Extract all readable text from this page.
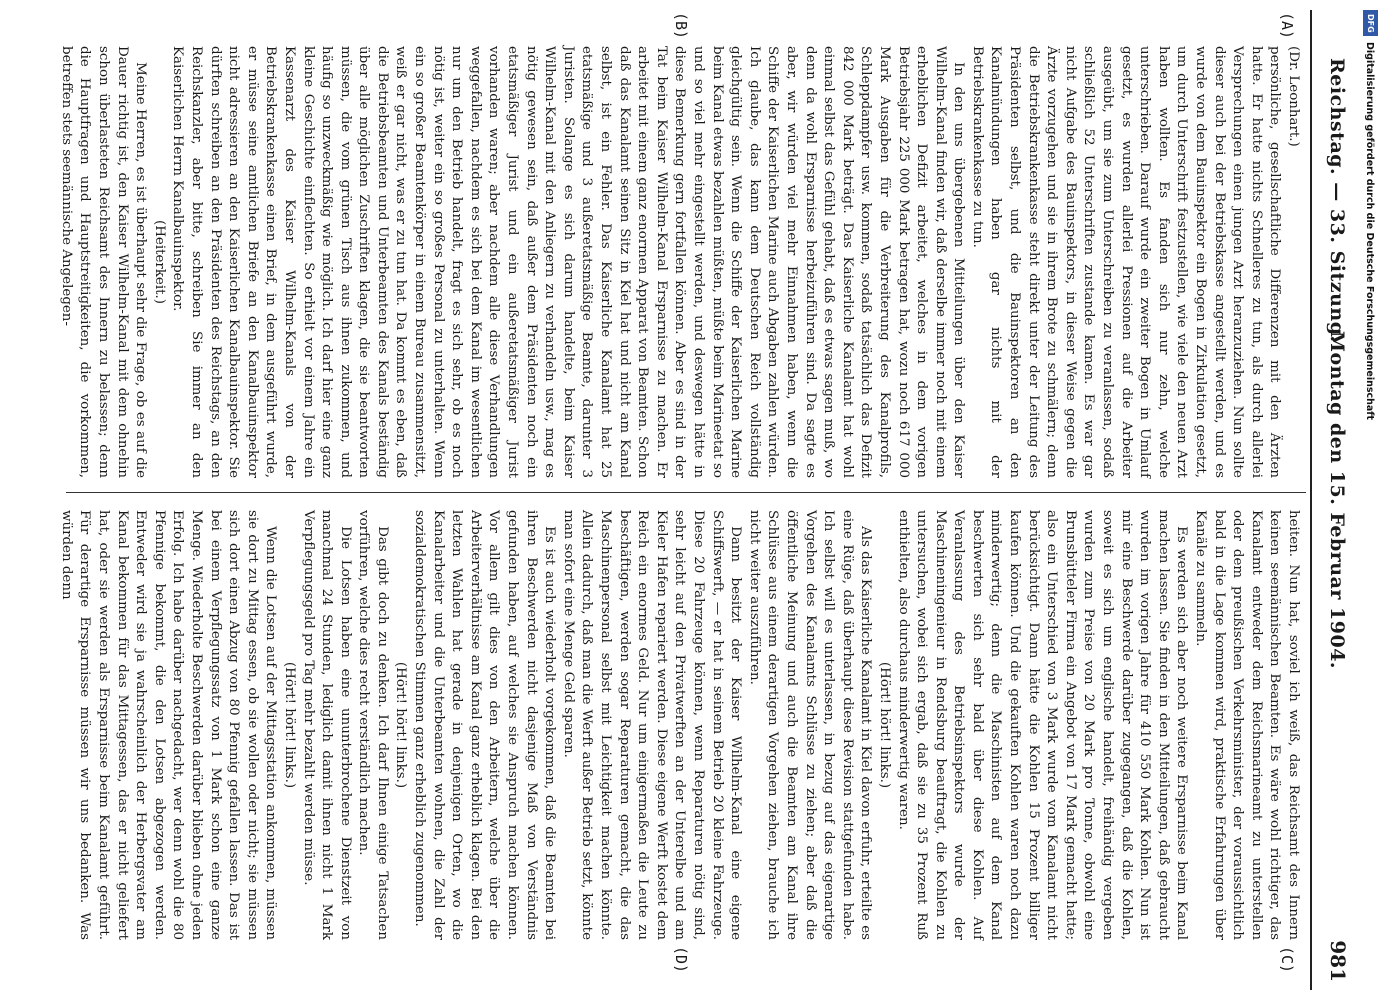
Reichstag. — 33. Sitzung.
Montag den 15. Februar 1904.
981
(A)
(B)
(C)
(D)

(Dr. Leonhart.)

persönliche, gesellschaftliche Differenzen mit den Ärzten hatte. Er hatte nichts Schnelleres zu tun, als durch allerlei Versprechungen einen jungen Arzt heranzuziehen. Nun sollte dieser auch bei der Betriebskasse angestellt werden, und es wurde von dem Bauinspektor ein Bogen in Zirkulation gesetzt, um durch Unterschrift festzustellen, wie viele den neuen Arzt haben wollten. Es fanden sich nur zehn, welche unterschrieben. Darauf wurde ein zweiter Bogen in Umlauf gesetzt, es wurden allerlei Pressionen auf die Arbeiter ausgeübt, um sie zum Unterschreiben zu veranlassen, sodaß schließlich 52 Unterschriften zustande kamen. Es war gar nicht Aufgabe des Bauinspektors, in dieser Weise gegen die Ärzte vorzugehen und sie in ihrem Brote zu schmälern; denn die Betriebskrankenkasse steht direkt unter der Leitung des Präsidenten selbst, und die Bauinspektoren an den Kanalmündungen haben gar nichts mit der Betriebskrankenkasse zu tun.

In den uns übergebenen Mitteilungen über den Kaiser Wilhelm-Kanal finden wir, daß derselbe immer noch mit einem erheblichen Defizit arbeitet, welches in dem vorigen Betriebsjahr 225 000 Mark betragen hat, wozu noch 617 000 Mark Ausgaben für die Verbreiterung des Kanalprofils, Schleppdampfer usw. kommen, sodaß tatsächlich das Defizit 842 000 Mark beträgt. Das Kaiserliche Kanalamt hat wohl einmal selbst das Gefühl gehabt, daß es etwas sagen muß, wo denn da wohl Ersparnisse herbeizuführen sind. Da sagte es aber, wir würden viel mehr Einnahmen haben, wenn die Schiffe der Kaiserlichen Marine auch Abgaben zahlen würden. Ich glaube, das kann dem Deutschen Reich vollständig gleichgültig sein. Wenn die Schiffe der Kaiserlichen Marine beim Kanal etwas bezahlen müßten, müßte beim Marineetat so und so viel mehr eingestellt werden, und deswegen hätte in diese Bemerkung gern fortfallen können. Aber es sind in der Tat beim Kaiser Wilhelm-Kanal Ersparnisse zu machen. Er arbeitet mit einem ganz enormen Apparat von Beamten. Schon daß das Kanalamt seinen Sitz in Kiel hat und nicht am Kanal selbst, ist ein Fehler. Das Kaiserliche Kanalamt hat 25 etatsmäßige und 3 außeretatsmäßige Beamte, darunter 3 Juristen. Solange es sich darum handelte, beim Kaiser Wilhelm-Kanal mit den Anliegern zu verhandeln usw., mag es nötig gewesen sein, daß außer dem Präsidenten noch ein etatsmäßiger Jurist und ein außeretatsmäßiger Jurist vorhanden waren; aber nachdem alle diese Verhandlungen weggefallen, nachdem es sich bei dem Kanal im wesentlichen nur um den Betrieb handelt, fragt es sich sehr, ob es noch nötig ist, weiter ein so großes Personal zu unterhalten. Wenn ein so großer Beamtenkörper in einem Bureau zusammensitzt, weiß er gar nicht, was er zu tun hat. Da kommt es eben, daß die Betriebsbeamten und Unterbeamten des Kanals beständig über alle möglichen Zuschriften klagen, die sie beantworten müssen, die vom grünen Tisch aus ihnen zukommen, und häufig so unzweckmäßig wie möglich. Ich darf hier eine ganz kleine Geschichte einflechten. So erhielt vor einem Jahre ein Kassenarzt des Kaiser Wilhelm-Kanals von der Betriebskrankenkasse einen Brief, in dem ausgeführt wurde, er müsse seine amtlichen Briefe an den Kanalbauinspektor nicht adressieren an den Kaiserlichen Kanalbauinspektor. Sie dürften schreiben an den Präsidenten des Reichstags, an den Reichskanzler, aber bitte, schreiben Sie immer an den Kaiserlichen Herrn Kanalbauinspektor.

(Heiterkeit.)

Meine Herren, es ist überhaupt sehr die Frage, ob es auf die Dauer richtig ist, den Kaiser Wilhelm-Kanal mit dem ohnehin schon überlasteten Reichsamt des Innern zu belassen; denn die Hauptfragen und Hauptstreitigkeiten, die vorkommen, betreffen stets seemännische Angelegen-

heiten. Nun hat, soviel ich weiß, das Reichsamt des Innern keinen seemännischen Beamten. Es wäre wohl richtiger, das Kanalamt entweder dem Reichsmarineamt zu unterstellen oder dem preußischen Verkehrsminister, der voraussichtlich bald in die Lage kommen wird, praktische Erfahrungen über Kanäle zu sammeln.

Es werden sich aber noch weitere Ersparnisse beim Kanal machen lassen. Sie finden in den Mitteilungen, daß gebraucht wurden im vorigen Jahre für 410 550 Mark Kohlen. Nun ist mir eine Beschwerde darüber zugegangen, daß die Kohlen, soweit es sich um englische handelt, freihändig vergeben wurden zum Preise von 20 Mark pro Tonne, obwohl eine Brunsbütteler Firma ein Angebot von 17 Mark gemacht hatte; also ein Unterschied von 3 Mark wurde vom Kanalamt nicht berücksichtigt. Dann hätte die Kohlen 15 Prozent billiger kaufen können. Und die gekauften Kohlen waren noch dazu minderwertig; denn die Maschinisten auf dem Kanal beschwerten sich sehr bald über diese Kohlen. Auf Veranlassung des Betriebsinspektors wurde der Maschineningenieur in Rendsburg beauftragt, die Kohlen zu untersuchen, wobei sich ergab, daß sie zu 35 Prozent Ruß enthielten, also durchaus minderwertig waren.

(Hört! hört! links.)

Als das Kaiserliche Kanalamt in Kiel davon erfuhr, erteilte es eine Rüge, daß überhaupt diese Revision stattgefunden habe. Ich selbst will es unterlassen, in bezug auf das eigenartige Vorgehen des Kanalamts Schlüsse zu ziehen; aber daß die öffentliche Meinung und auch die Beamten am Kanal ihre Schlüsse aus einem derartigen Vorgehen ziehen, brauche ich nicht weiter auszuführen.

Dann besitzt der Kaiser Wilhelm-Kanal eine eigene Schiffswerft, — er hat in seinem Betrieb 20 kleine Fahrzeuge. Diese 20 Fahrzeuge können, wenn Reparaturen nötig sind, sehr leicht auf den Privatwerften an der Unterelbe und am Kieler Hafen repariert werden. Diese eigene Werft kostet dem Reich ein enormes Geld. Nur um einigermaßen die Leute zu beschäftigen, werden sogar Reparaturen gemacht, die das Maschinenpersonal selbst mit Leichtigkeit machen könnte. Allein dadurch, daß man die Werft außer Betrieb setzt, könnte man sofort eine Menge Geld sparen.

Es ist auch wiederholt vorgekommen, daß die Beamten bei ihren Beschwerden nicht dasjenige Maß von Verständnis gefunden haben, auf welches sie Anspruch machen können. Vor allem gilt dies von den Arbeitern, welche über die Arbeiterverhältnisse am Kanal ganz erheblich klagen. Bei den letzten Wahlen hat gerade in denjenigen Orten, wo die Kanalarbeiter und die Unterbeamten wohnen, die Zahl der sozialdemokratischen Stimmen ganz erheblich zugenommen.

(Hört! hört! links.)

Das gibt doch zu denken. Ich darf Ihnen einige Tatsachen vorführen, welche dies recht verständlich machen.

Die Lotsen haben eine ununterbrochene Dienstzeit von manchmal 24 Stunden, lediglich damit ihnen nicht 1 Mark Verpflegungsgeld pro Tag mehr bezahlt werden müsse.

(Hört! hört! links.)

Wenn die Lotsen auf der Mittagsstation ankommen, müssen sie dort zu Mittag essen, ob sie wollen oder nicht; sie müssen sich dort einen Abzug von 80 Pfennig gefallen lassen. Das ist bei einem Verpflegungssatz von 1 Mark schon eine ganze Menge. Wiederholte Beschwerden darüber blieben ohne jeden Erfolg. Ich habe darüber nachgedacht, wer denn wohl die 80 Pfennige bekommt, die den Lotsen abgezogen werden. Entweder wird sie ja wahrscheinlich der Herbergsvater am Kanal bekommen für das Mittagessen, das er nicht geliefert hat, oder sie werden als Ersparnisse beim Kanalamt geführt. Für derartige Ersparnisse müssen wir uns bedanken. Was würden denn

DFG
Digitalisierung gefördert durch die Deutsche Forschungsgemeinschaft
